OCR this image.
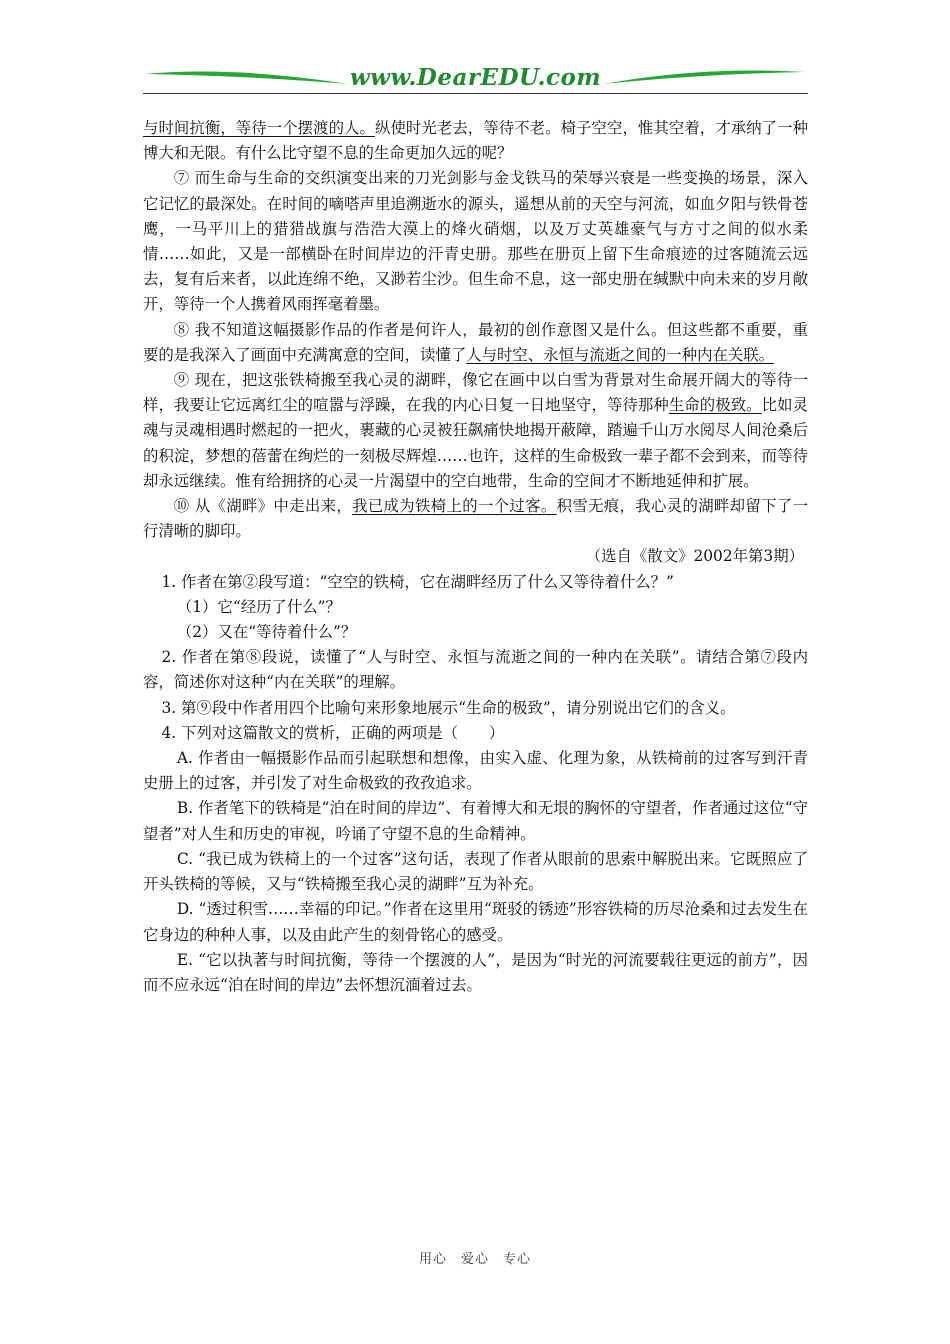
www.DearEDU.com

与时间抗衡，等待一个摆渡的人。纵使时光老去，等待不老。椅子空空，惟其空着，才承纳了一种博大和无限。有什么比守望不息的生命更加久远的呢？

⑦ 而生命与生命的交织演变出来的刀光剑影与金戈铁马的荣辱兴衰是一些变换的场景，深入它记忆的最深处。在时间的嘀嗒声里追溯逝水的源头，遥想从前的天空与河流，如血夕阳与铁骨苍鹰，一马平川上的猎猎战旗与浩浩大漠上的烽火硝烟，以及万丈英雄豪气与方寸之间的似水柔情……如此，又是一部横卧在时间岸边的汗青史册。那些在册页上留下生命痕迹的过客随流云远去，复有后来者，以此连绵不绝，又渺若尘沙。但生命不息，这一部史册在缄默中向未来的岁月敞开，等待一个人携着风雨挥毫着墨。

⑧ 我不知道这幅摄影作品的作者是何许人，最初的创作意图又是什么。但这些都不重要，重要的是我深入了画面中充满寓意的空间，读懂了人与时空、永恒与流逝之间的一种内在关联。

⑨ 现在，把这张铁椅搬至我心灵的湖畔，像它在画中以白雪为背景对生命展开阔大的等待一样，我要让它远离红尘的喧嚣与浮躁，在我的内心日复一日地坚守，等待那种生命的极致。比如灵魂与灵魂相遇时燃起的一把火，裹藏的心灵被狂飙痛快地揭开蔽障，踏遍千山万水阅尽人间沧桑后的积淀，梦想的蓓蕾在绚烂的一刻极尽辉煌……也许，这样的生命极致一辈子都不会到来，而等待却永远继续。惟有给拥挤的心灵一片渴望中的空白地带，生命的空间才不断地延伸和扩展。

⑩ 从《湖畔》中走出来，我已成为铁椅上的一个过客。积雪无痕，我心灵的湖畔却留下了一行清晰的脚印。

（选自《散文》2002年第3期）

1. 作者在第②段写道：“空空的铁椅，它在湖畔经历了什么又等待着什么？”

（1）它“经历了什么”？

（2）又在“等待着什么”？

2. 作者在第⑧段说，读懂了“人与时空、永恒与流逝之间的一种内在关联”。请结合第⑦段内容，简述你对这种“内在关联”的理解。

3. 第⑨段中作者用四个比喻句来形象地展示“生命的极致”，请分别说出它们的含义。

4. 下列对这篇散文的赏析，正确的两项是（　　）

A. 作者由一幅摄影作品而引起联想和想像，由实入虚、化理为象，从铁椅前的过客写到汗青史册上的过客，并引发了对生命极致的孜孜追求。

B. 作者笔下的铁椅是“泊在时间的岸边”、有着博大和无垠的胸怀的守望者，作者通过这位“守望者”对人生和历史的审视，吟诵了守望不息的生命精神。

C. “我已成为铁椅上的一个过客”这句话，表现了作者从眼前的思索中解脱出来。它既照应了开头铁椅的等候，又与“铁椅搬至我心灵的湖畔”互为补充。

D. “透过积雪……幸福的印记。”作者在这里用“斑驳的锈迹”形容铁椅的历尽沧桑和过去发生在它身边的种种人事，以及由此产生的刻骨铭心的感受。

E. “它以执著与时间抗衡，等待一个摆渡的人”，是因为“时光的河流要载往更远的前方”，因而不应永远“泊在时间的岸边”去怀想沉湎着过去。

用心　爱心　专心
